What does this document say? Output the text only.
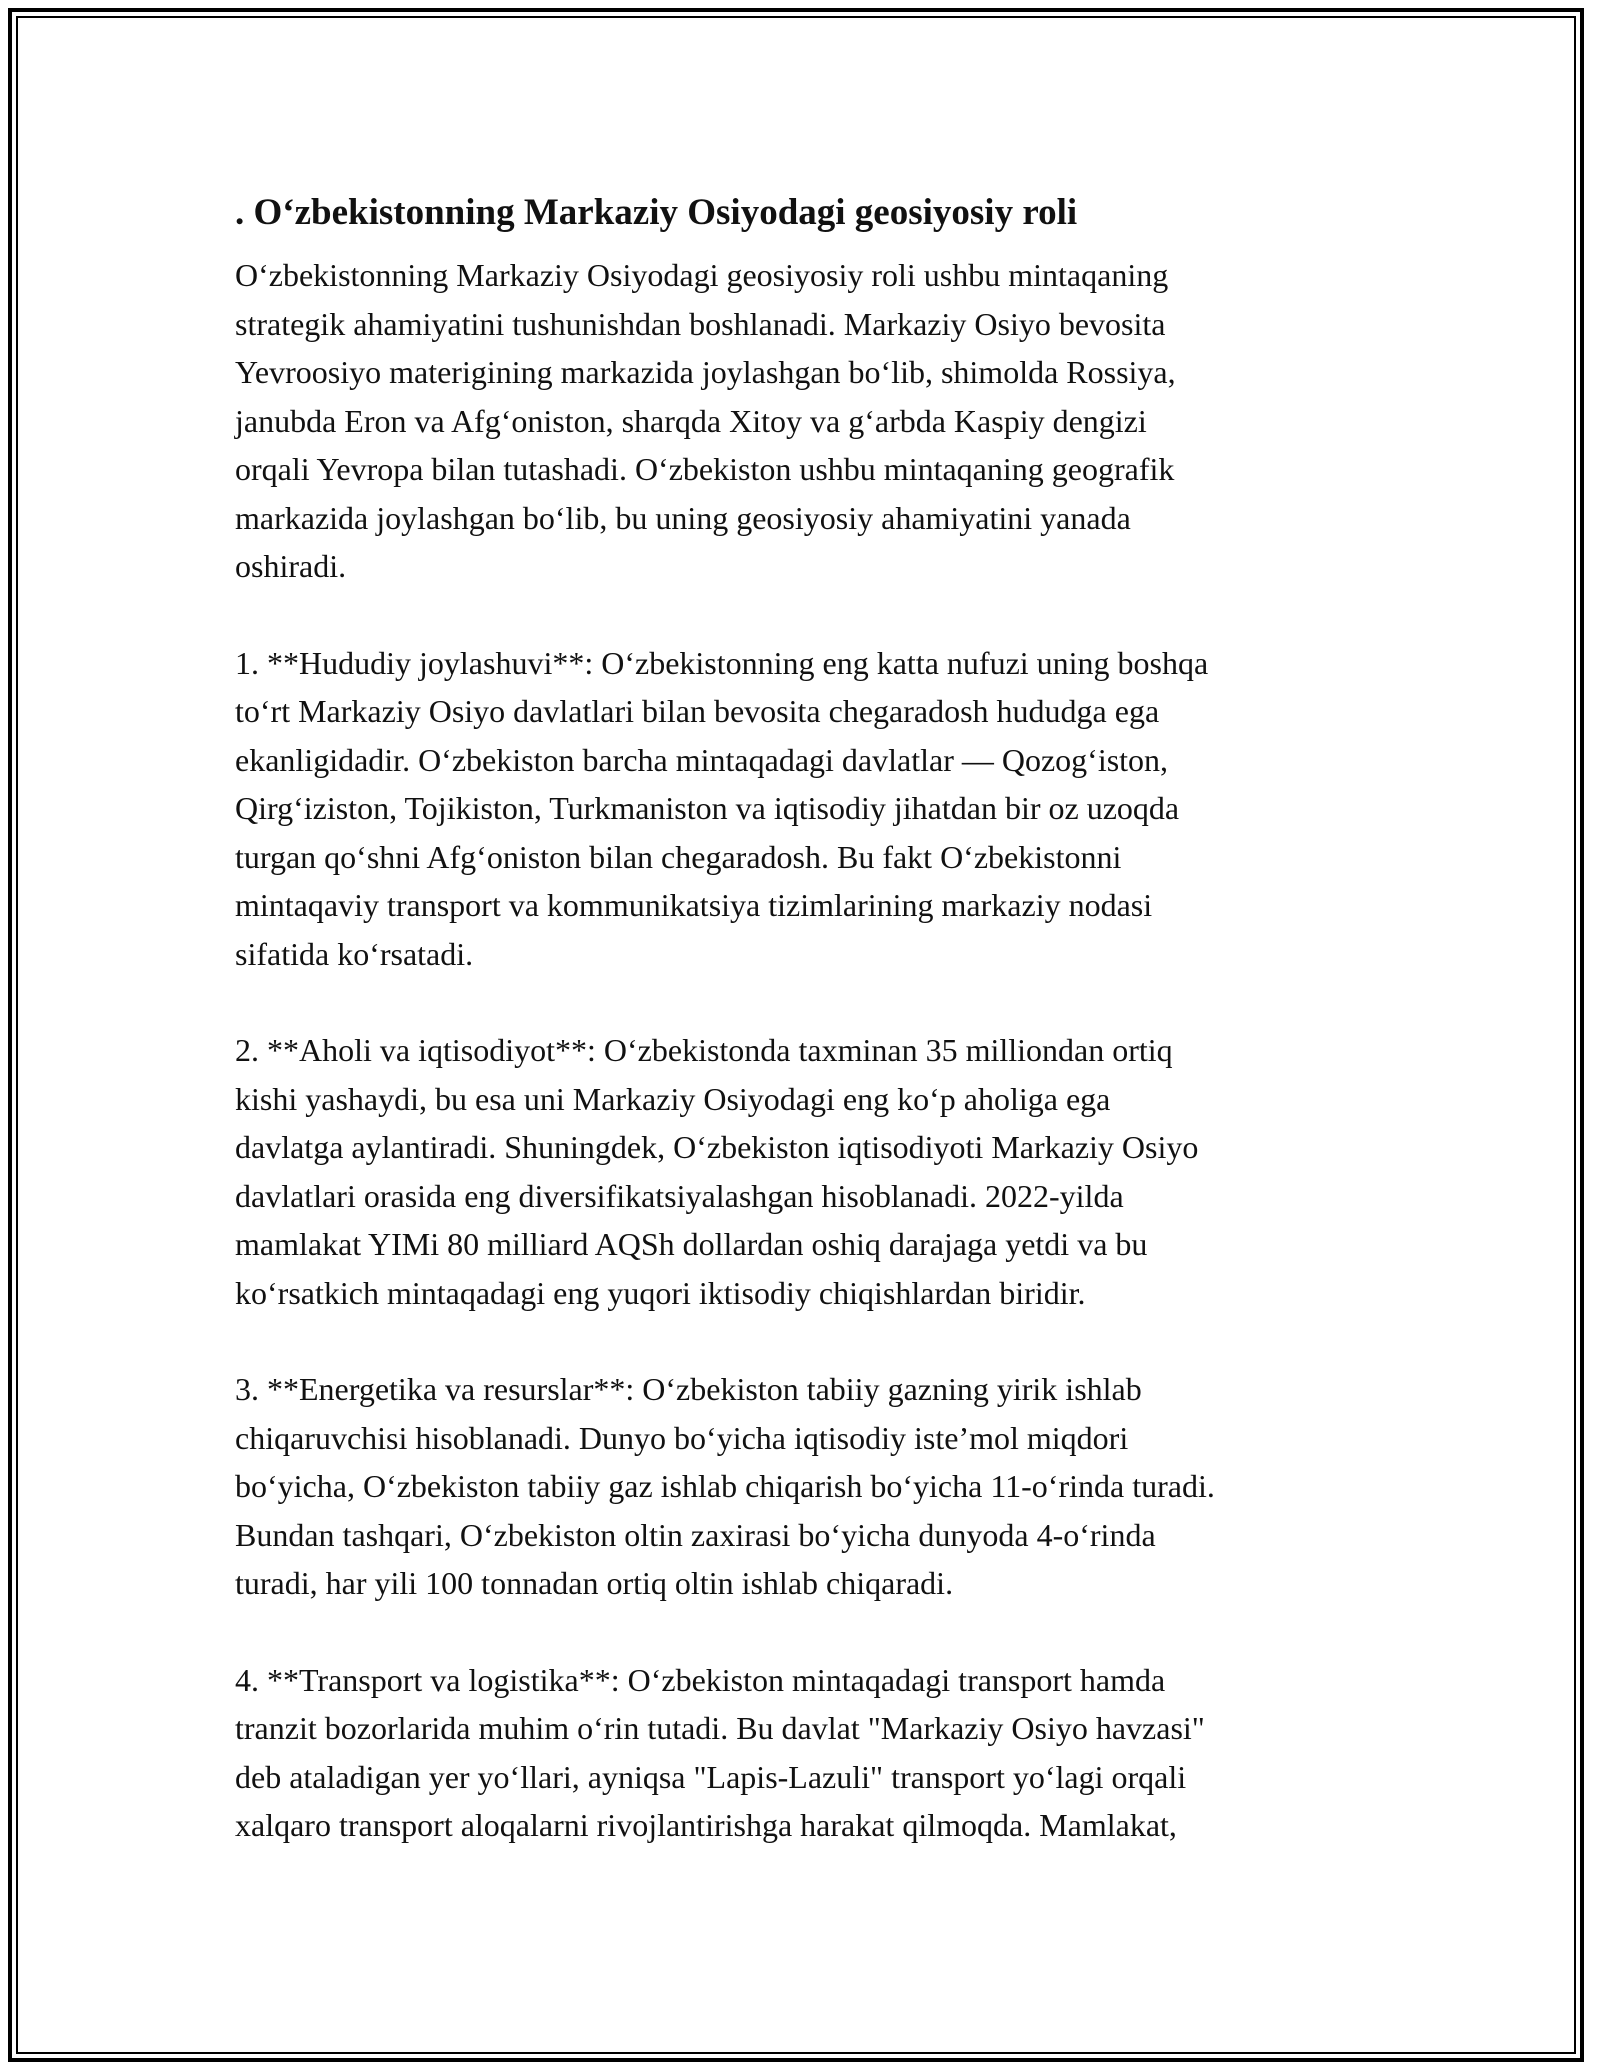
. O‘zbekistonning Markaziy Osiyodagi geosiyosiy roli

O‘zbekistonning Markaziy Osiyodagi geosiyosiy roli ushbu mintaqaning

strategik ahamiyatini tushunishdan boshlanadi. Markaziy Osiyo bevosita

Yevroosiyo materigining markazida joylashgan bo‘lib, shimolda Rossiya,

janubda Eron va Afg‘oniston, sharqda Xitoy va g‘arbda Kaspiy dengizi

orqali Yevropa bilan tutashadi. O‘zbekiston ushbu mintaqaning geografik

markazida joylashgan bo‘lib, bu uning geosiyosiy ahamiyatini yanada

oshiradi.

1. **Hududiy joylashuvi**: O‘zbekistonning eng katta nufuzi uning boshqa

to‘rt Markaziy Osiyo davlatlari bilan bevosita chegaradosh hududga ega

ekanligidadir. O‘zbekiston barcha mintaqadagi davlatlar — Qozog‘iston,

Qirg‘iziston, Tojikiston, Turkmaniston va iqtisodiy jihatdan bir oz uzoqda

turgan qo‘shni Afg‘oniston bilan chegaradosh. Bu fakt O‘zbekistonni

mintaqaviy transport va kommunikatsiya tizimlarining markaziy nodasi

sifatida ko‘rsatadi.

2. **Aholi va iqtisodiyot**: O‘zbekistonda taxminan 35 milliondan ortiq

kishi yashaydi, bu esa uni Markaziy Osiyodagi eng ko‘p aholiga ega

davlatga aylantiradi. Shuningdek, O‘zbekiston iqtisodiyoti Markaziy Osiyo

davlatlari orasida eng diversifikatsiyalashgan hisoblanadi. 2022-yilda

mamlakat YIMi 80 milliard AQSh dollardan oshiq darajaga yetdi va bu

ko‘rsatkich mintaqadagi eng yuqori iktisodiy chiqishlardan biridir.

3. **Energetika va resurslar**: O‘zbekiston tabiiy gazning yirik ishlab

chiqaruvchisi hisoblanadi. Dunyo bo‘yicha iqtisodiy iste’mol miqdori

bo‘yicha, O‘zbekiston tabiiy gaz ishlab chiqarish bo‘yicha 11-o‘rinda turadi.

Bundan tashqari, O‘zbekiston oltin zaxirasi bo‘yicha dunyoda 4-o‘rinda

turadi, har yili 100 tonnadan ortiq oltin ishlab chiqaradi.

4. **Transport va logistika**: O‘zbekiston mintaqadagi transport hamda

tranzit bozorlarida muhim o‘rin tutadi. Bu davlat "Markaziy Osiyo havzasi"

deb ataladigan yer yo‘llari, ayniqsa "Lapis-Lazuli" transport yo‘lagi orqali

xalqaro transport aloqalarni rivojlantirishga harakat qilmoqda. Mamlakat,
